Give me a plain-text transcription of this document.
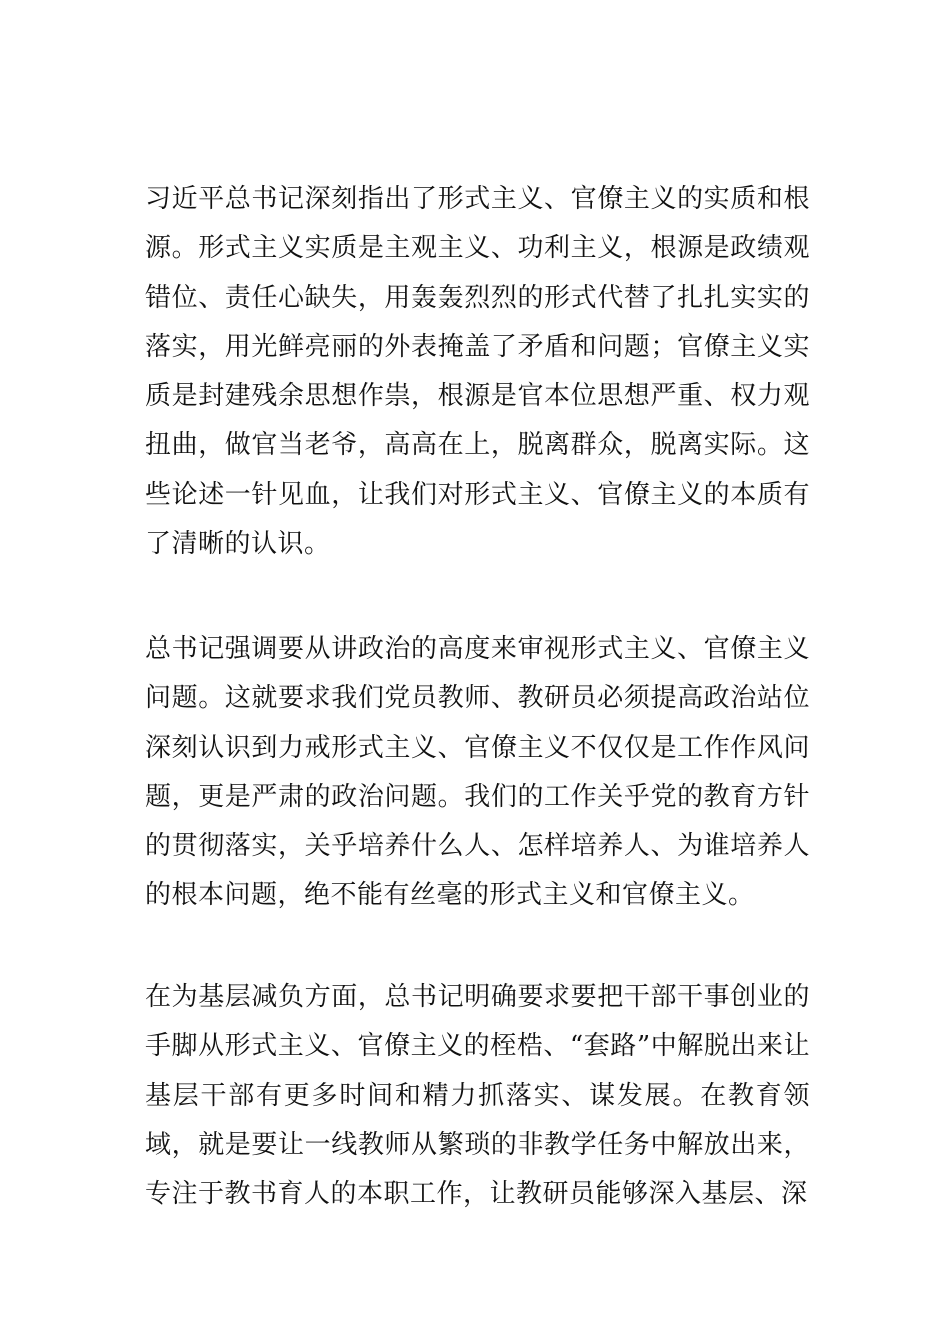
习近平总书记深刻指出了形式主义、官僚主义的实质和根源。形式主义实质是主观主义、功利主义，根源是政绩观错位、责任心缺失，用轰轰烈烈的形式代替了扎扎实实的落实，用光鲜亮丽的外表掩盖了矛盾和问题；官僚主义实质是封建残余思想作祟，根源是官本位思想严重、权力观扭曲，做官当老爷，高高在上，脱离群众，脱离实际。这些论述一针见血，让我们对形式主义、官僚主义的本质有了清晰的认识。

总书记强调要从讲政治的高度来审视形式主义、官僚主义问题。这就要求我们党员教师、教研员必须提高政治站位深刻认识到力戒形式主义、官僚主义不仅仅是工作作风问题，更是严肃的政治问题。我们的工作关乎党的教育方针的贯彻落实，关乎培养什么人、怎样培养人、为谁培养人的根本问题，绝不能有丝毫的形式主义和官僚主义。

在为基层减负方面，总书记明确要求要把干部干事创业的手脚从形式主义、官僚主义的桎梏、“套路”中解脱出来让基层干部有更多时间和精力抓落实、谋发展。在教育领域，就是要让一线教师从繁琐的非教学任务中解放出来，专注于教书育人的本职工作，让教研员能够深入基层、深
